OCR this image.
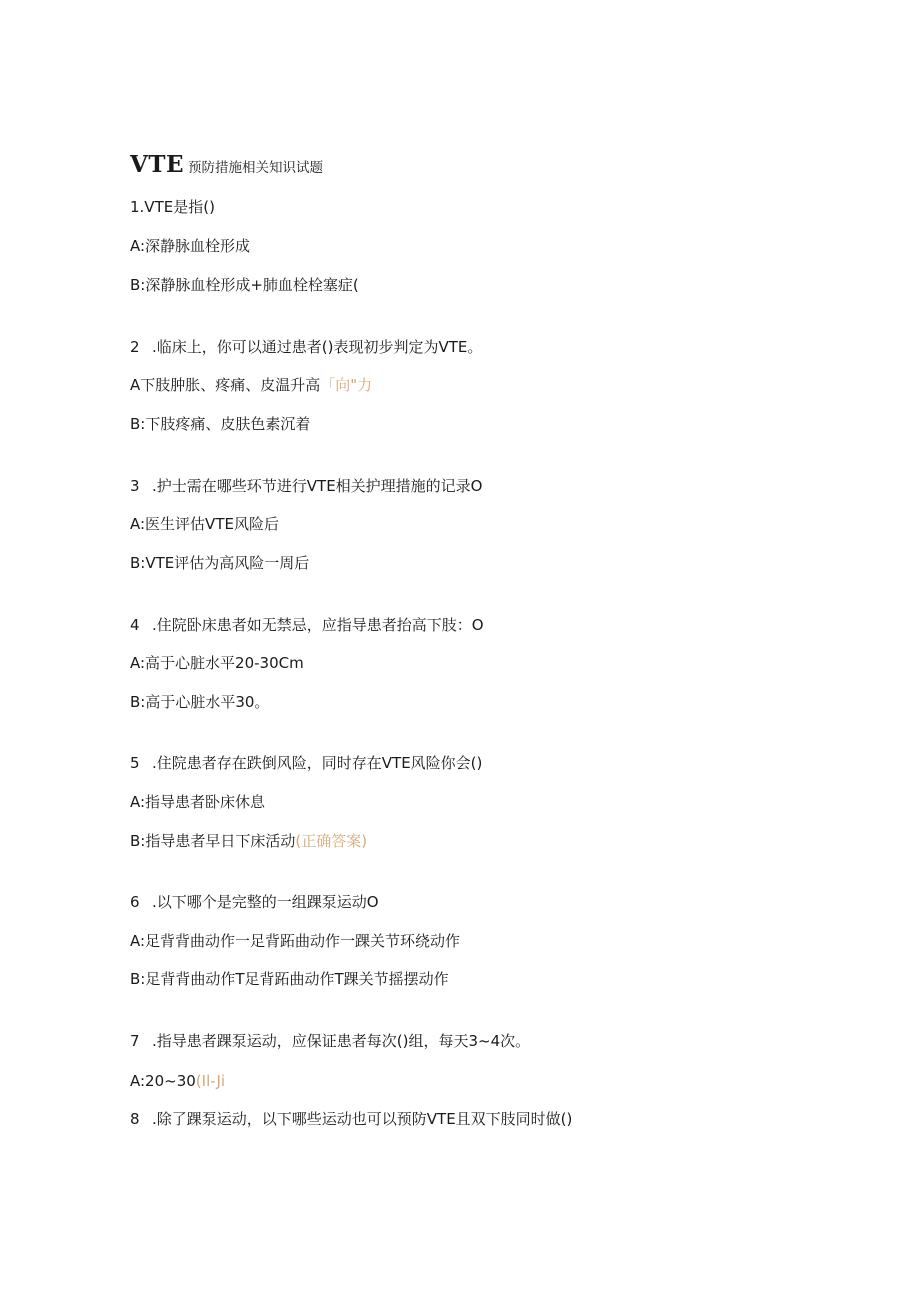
VTE 预防措施相关知识试题
1.VTE是指()
A:深静脉血栓形成
B:深静脉血栓形成+肺血栓栓塞症(
2 .临床上，你可以通过患者()表现初步判定为VTE。
A下肢肿胀、疼痛、皮温升高「向"力
B:下肢疼痛、皮肤色素沉着
3 .护士需在哪些环节进行VTE相关护理措施的记录O
A:医生评估VTE风险后
B:VTE评估为高风险一周后
4 .住院卧床患者如无禁忌，应指导患者抬高下肢：O
A:高于心脏水平20-30Cm
B:高于心脏水平30。
5 .住院患者存在跌倒风险，同时存在VTE风险你会()
A:指导患者卧床休息
B:指导患者早日下床活动(正确答案)
6 .以下哪个是完整的一组踝泵运动O
A:足背背曲动作一足背跖曲动作一踝关节环绕动作
B:足背背曲动作T足背跖曲动作T踝关节摇摆动作
7 .指导患者踝泵运动，应保证患者每次()组，每天3~4次。
A:20~30(Il-Ji
8 .除了踝泵运动，以下哪些运动也可以预防VTE且双下肢同时做()
